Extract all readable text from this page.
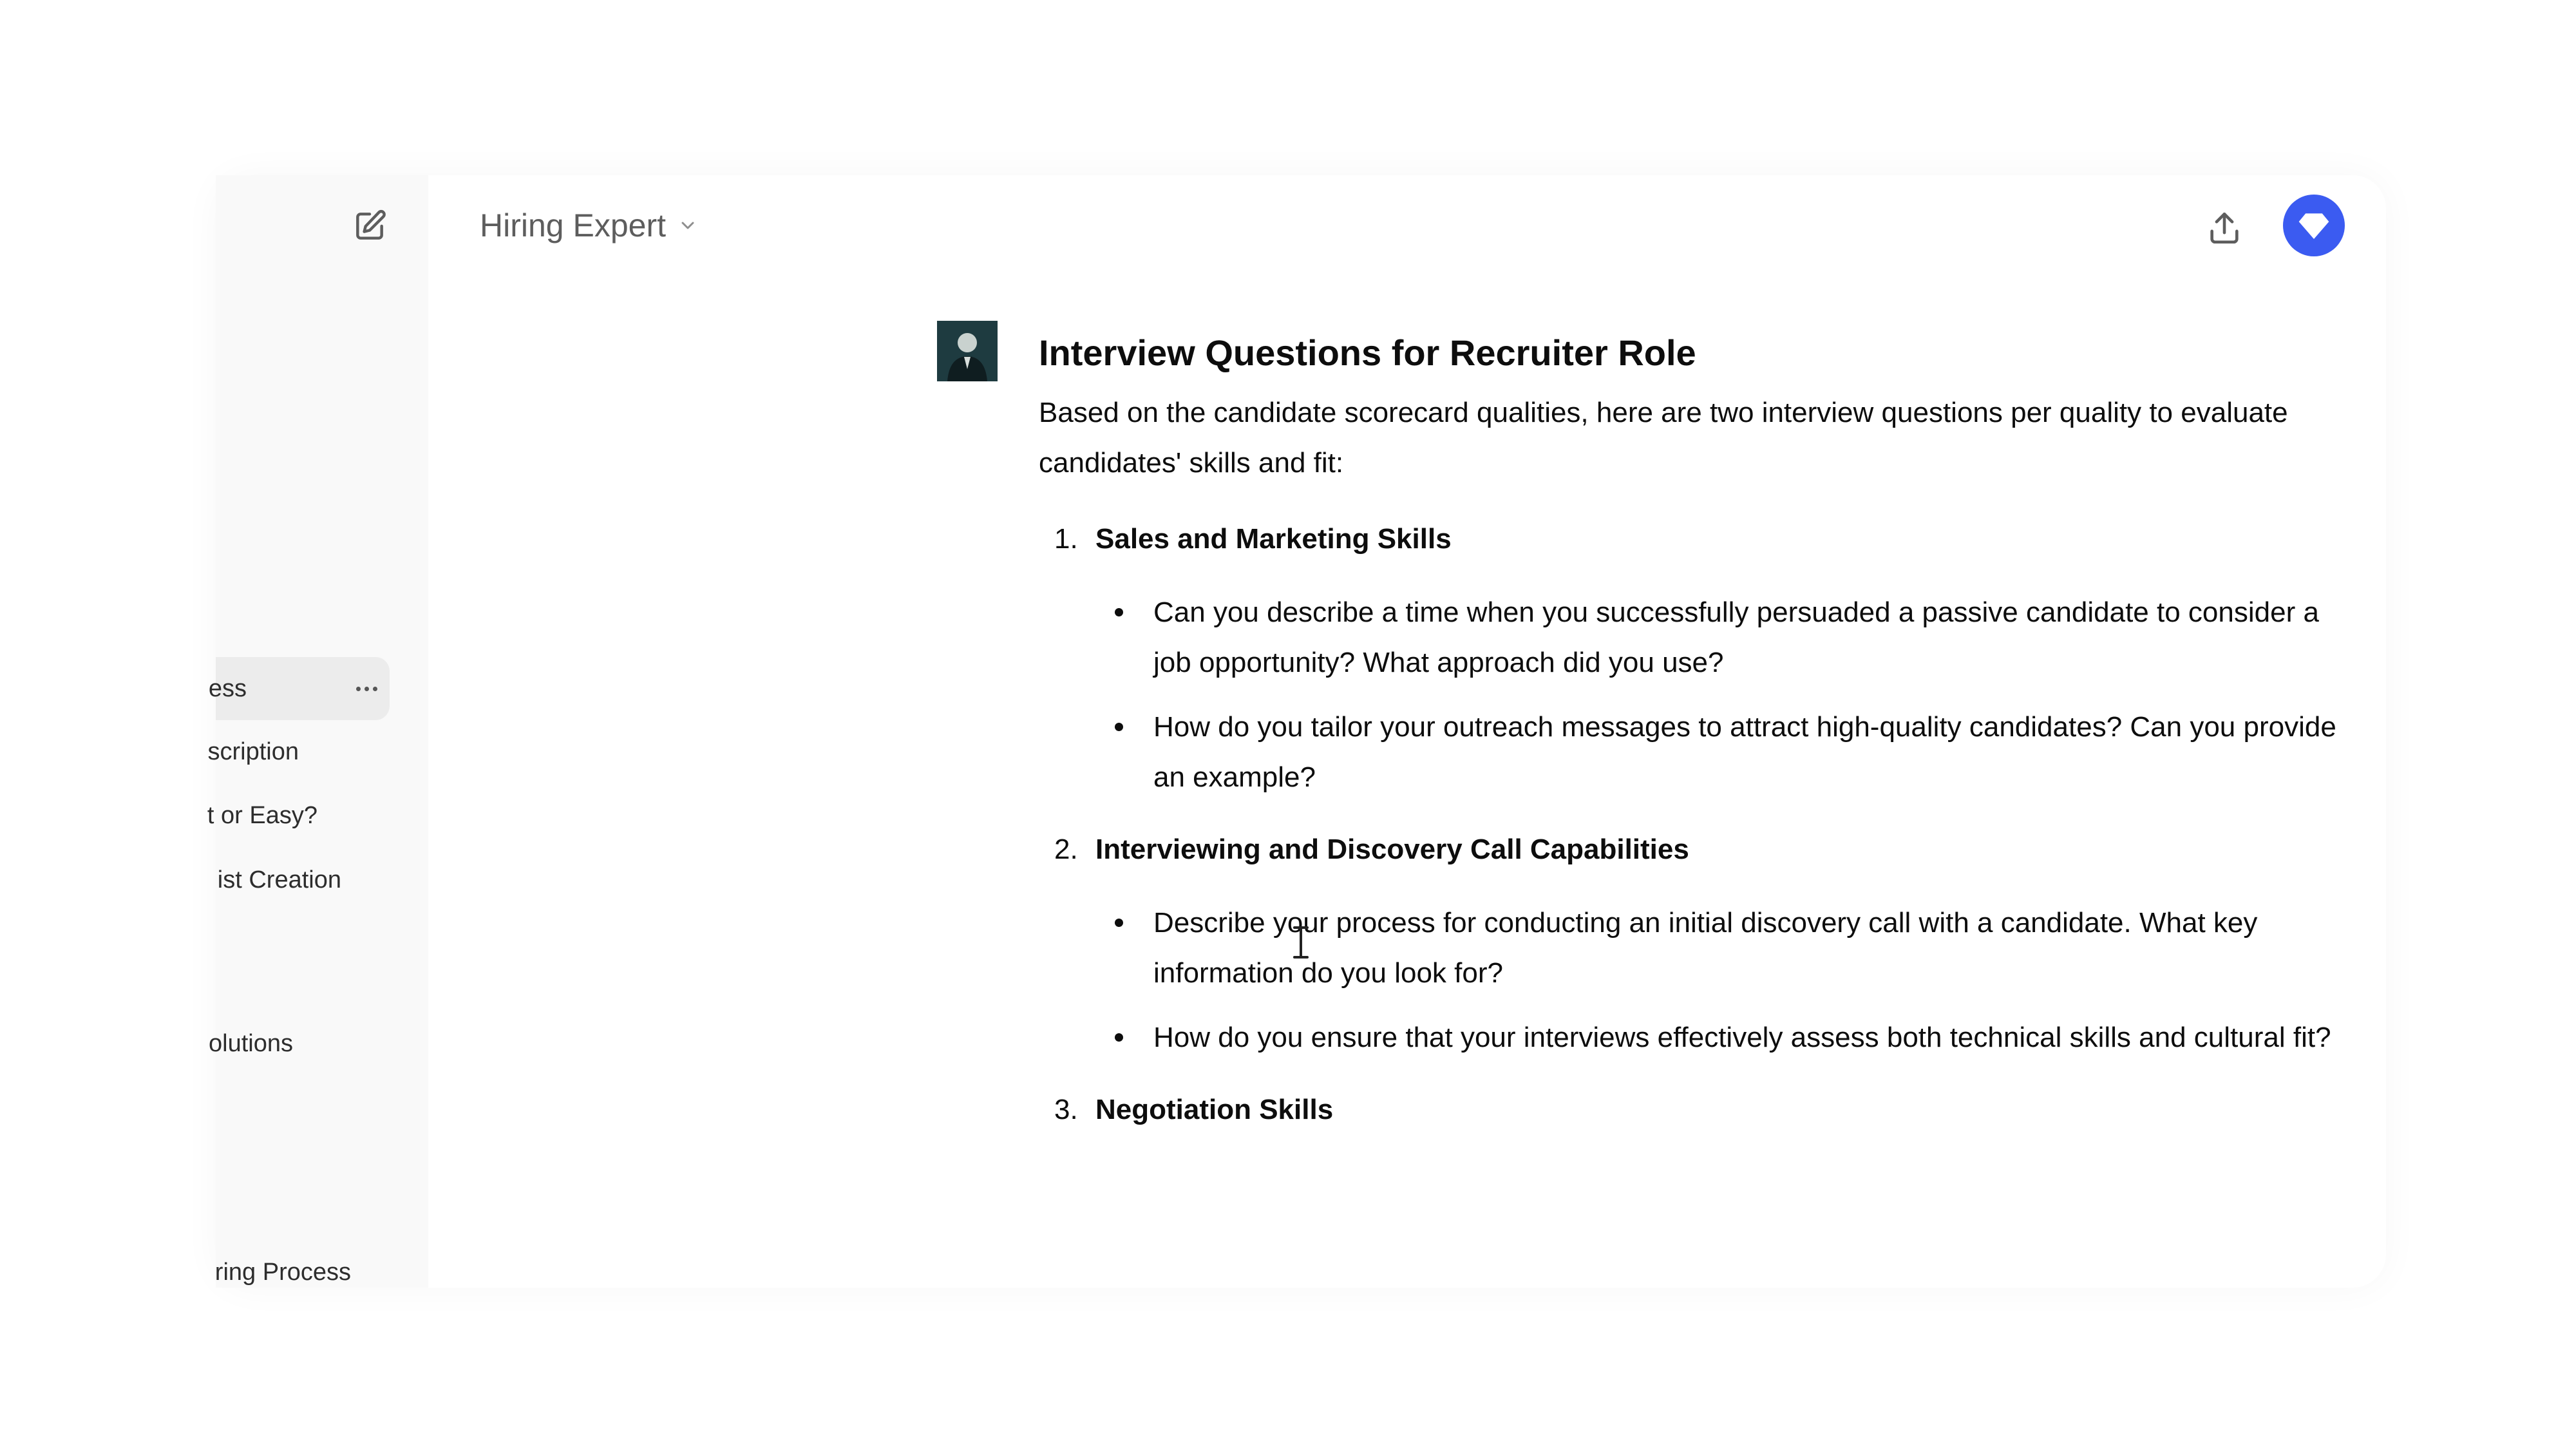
ess
scription
t or Easy?
ist Creation
olutions
ring Process
Hiring Expert
Interview Questions for Recruiter Role

Based on the candidate scorecard qualities, here are two interview questions per quality to evaluate candidates' skills and fit:

1. Sales and Marketing Skills
Can you describe a time when you successfully persuaded a passive candidate to consider a job opportunity? What approach did you use?
How do you tailor your outreach messages to attract high-quality candidates? Can you provide an example?
2. Interviewing and Discovery Call Capabilities
Describe your process for conducting an initial discovery call with a candidate. What key information do you look for?
How do you ensure that your interviews effectively assess both technical skills and cultural fit?
3. Negotiation Skills
